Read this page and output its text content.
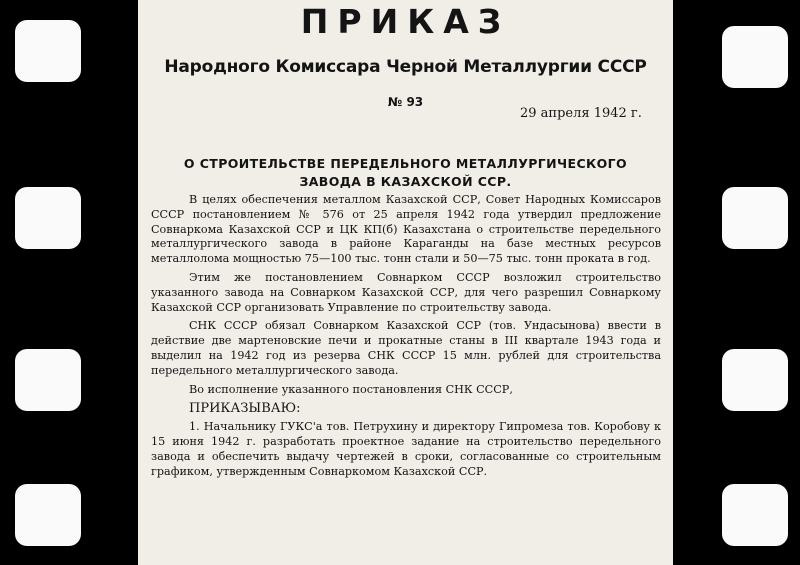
ПРИКАЗ
Народного Комиссара Черной Металлургии СССР
№ 93
29 апреля 1942 г.
О СТРОИТЕЛЬСТВЕ ПЕРЕДЕЛЬНОГО МЕТАЛЛУРГИЧЕСКОГО
ЗАВОДА В КАЗАХСКОЙ ССР.

В целях обеспечения металлом Казахской ССР, Совет Народных Комиссаров СССР постановлением № 576 от 25 апреля 1942 года утвердил предложение Совнаркома Казахской ССР и ЦК КП(б) Казахстана о строительстве передельного металлургического завода в районе Караганды на базе местных ресурсов металлолома мощностью 75—100 тыс. тонн стали и 50—75 тыс. тонн проката в год.

Этим же постановлением Совнарком СССР возложил строительство указанного завода на Совнарком Казахской ССР, для чего разрешил Совнаркому Казахской ССР организовать Управление по строительству завода.

СНК СССР обязал Совнарком Казахской ССР (тов. Ундасынова) ввести в действие две мартеновские печи и прокатные станы в III квартале 1943 года и выделил на 1942 год из резерва СНК СССР 15 млн. рублей для строительства передельного металлургического завода.

Во исполнение указанного постановления СНК СССР,

ПРИКАЗЫВАЮ:

1. Начальнику ГУКС'а тов. Петрухину и директору Гипромеза тов. Коробову к 15 июня 1942 г. разработать проектное задание на строительство передельного завода и обеспечить выдачу чертежей в сроки, согласованные со строительным графиком, утвержденным Совнаркомом Казахской ССР.
